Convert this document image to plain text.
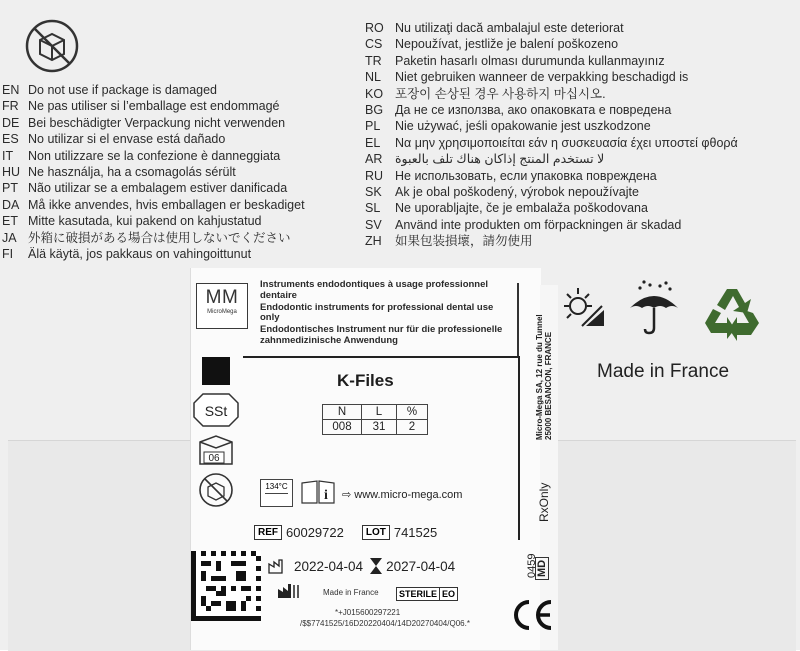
EN Do not use if package is damaged
FR Ne pas utiliser si l’emballage est endommagé
DE Bei beschädigter Verpackung nicht verwenden
ES No utilizar si el envase está dañado
IT	Non utilizzare se la confezione è danneggiata
HU Ne használja, ha a csomagolás sérült
PT Não utilizar se a embalagem estiver danificada
DA Må ikke anvendes, hvis emballagen er beskadiget
ET Mitte kasutada, kui pakend on kahjustatud
JA 外箱に破損がある場合は使用しないでください
FI	Älä käytä, jos pakkaus on vahingoittunut
RO Nu utilizaţi dacă ambalajul este deteriorat
CS	Nepoužívat, jestliže je balení poškozeno
TR	Paketin hasarlı olması durumunda kullanmayınız
NL	Niet gebruiken wanneer de verpakking beschadigd is
KO 포장이 손상된 경우 사용하지 마십시오.
BG Да не се използва, ако опаковката е повредена
PL	Nie używać, jeśli opakowanie jest uszkodzone
EL	Να μην χρησιμοποιείται εάν η συσκευασία έχει υποστεί φθορά
AR	لا تستخدم المنتج إذاكان هناك تلف بالعبوة
RU Не использовать, если упаковка повреждена
SK	Ak je obal poškodený, výrobok nepoužívajte
SL	Ne uporabljajte, če je embalaža poškodovana
SV	Använd inte produkten om förpackningen är skadad
ZH	如果包装損壞，請勿使用
Made in France
MM
MicroMega
Instruments endodontiques à usage professionnel dentaire
Endodontic instruments for professional dental use only
Endodontisches Instrument nur für die professionelle zahnmedizinische Anwendung
SSt
06
K-Files
N	L	%
008	31	2
134°C
i ⇨ www.micro-mega.com
REF 60029722	LOT 741525
2022-04-04 2027-04-04
Made in France	STERILE EO
*+J015600297221
/$$7741525/16D20220404/14D20270404/Q06.*
Micro-Mega SA, 12 rue du Tunnel 25000 BESANCON, FRANCE
RxOnly
MD
0459
